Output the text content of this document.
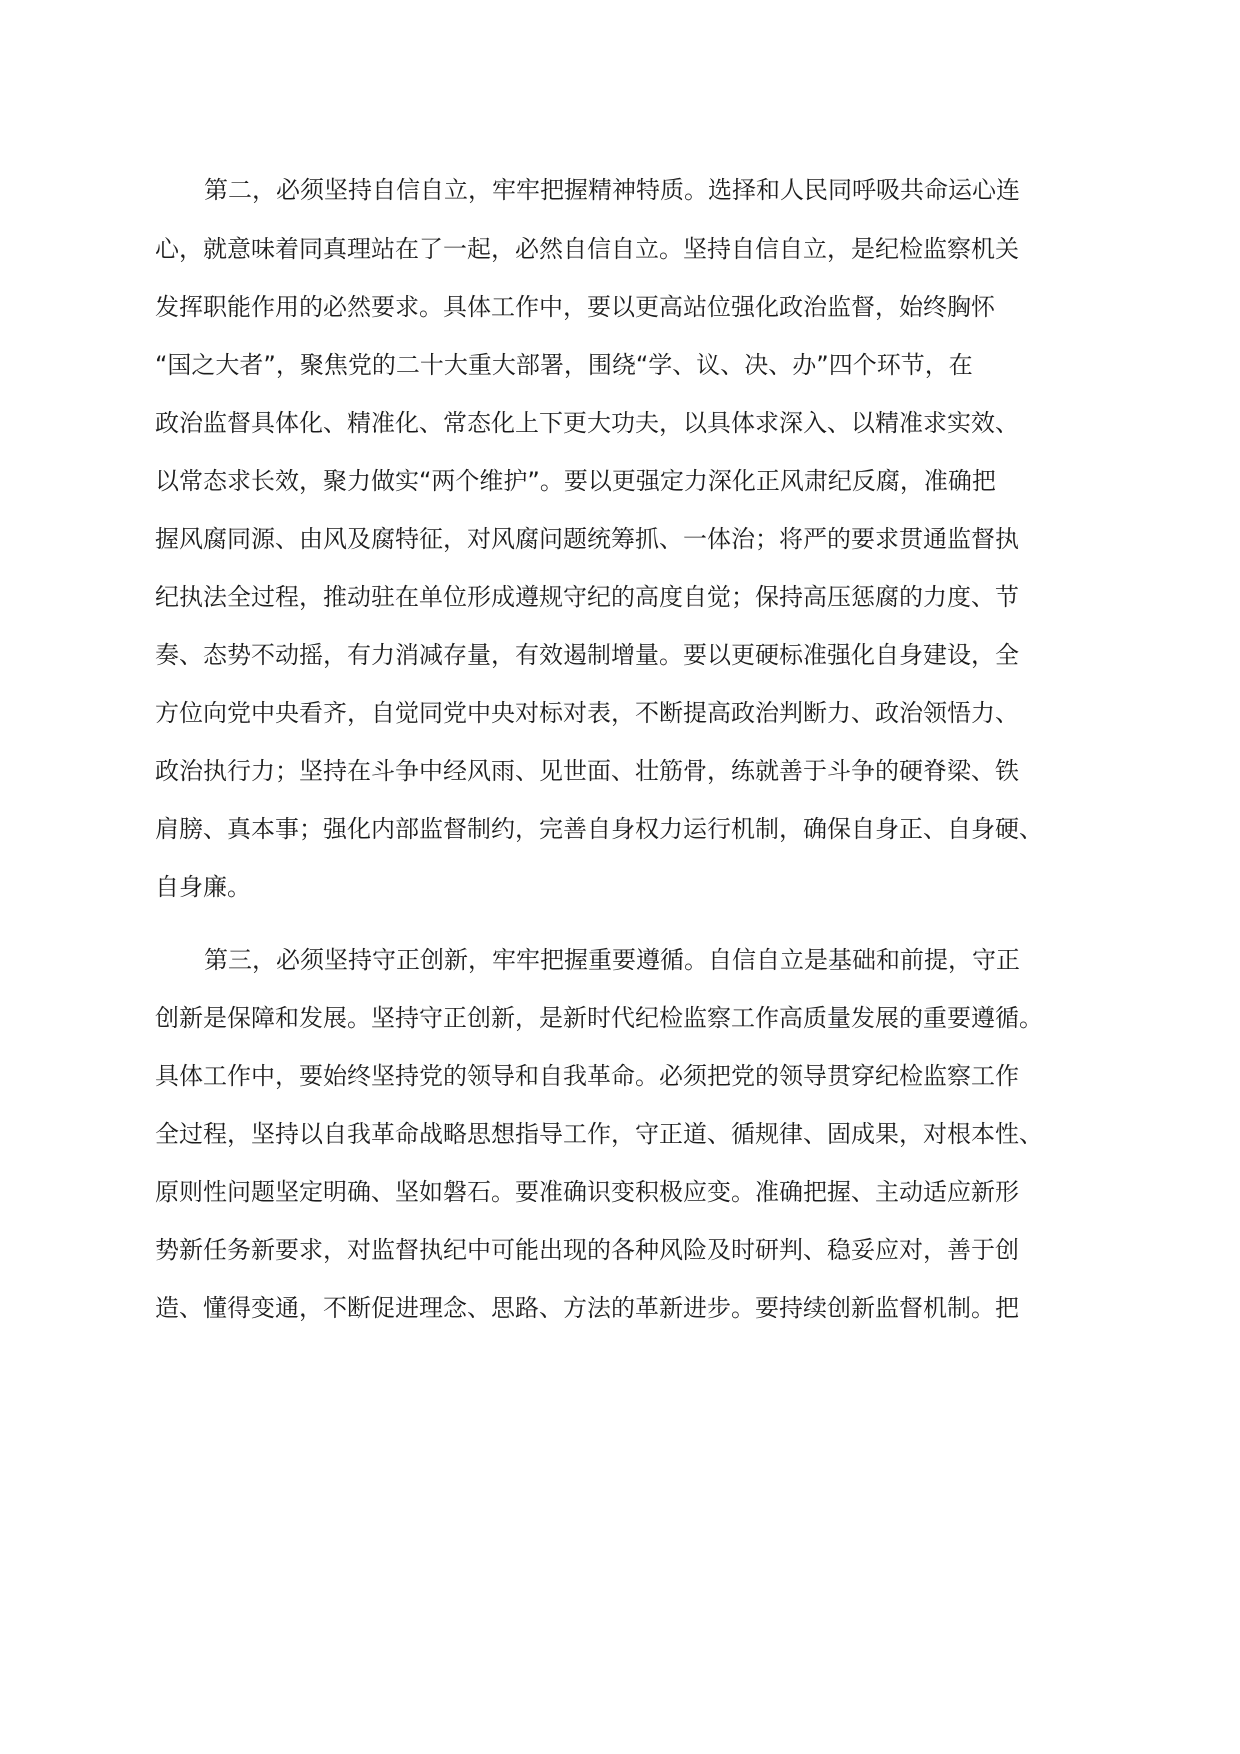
第二，必须坚持自信自立，牢牢把握精神特质。选择和人民同呼吸共命运心连

心，就意味着同真理站在了一起，必然自信自立。坚持自信自立，是纪检监察机关

发挥职能作用的必然要求。具体工作中，要以更高站位强化政治监督，始终胸怀

“国之大者”，聚焦党的二十大重大部署，围绕“学、议、决、办”四个环节，在

政治监督具体化、精准化、常态化上下更大功夫，以具体求深入、以精准求实效、

以常态求长效，聚力做实“两个维护”。要以更强定力深化正风肃纪反腐，准确把

握风腐同源、由风及腐特征，对风腐问题统筹抓、一体治；将严的要求贯通监督执

纪执法全过程，推动驻在单位形成遵规守纪的高度自觉；保持高压惩腐的力度、节

奏、态势不动摇，有力消减存量，有效遏制增量。要以更硬标准强化自身建设，全

方位向党中央看齐，自觉同党中央对标对表，不断提高政治判断力、政治领悟力、

政治执行力；坚持在斗争中经风雨、见世面、壮筋骨，练就善于斗争的硬脊梁、铁

肩膀、真本事；强化内部监督制约，完善自身权力运行机制，确保自身正、自身硬、

自身廉。

第三，必须坚持守正创新，牢牢把握重要遵循。自信自立是基础和前提，守正

创新是保障和发展。坚持守正创新，是新时代纪检监察工作高质量发展的重要遵循。

具体工作中，要始终坚持党的领导和自我革命。必须把党的领导贯穿纪检监察工作

全过程，坚持以自我革命战略思想指导工作，守正道、循规律、固成果，对根本性、

原则性问题坚定明确、坚如磐石。要准确识变积极应变。准确把握、主动适应新形

势新任务新要求，对监督执纪中可能出现的各种风险及时研判、稳妥应对，善于创

造、懂得变通，不断促进理念、思路、方法的革新进步。要持续创新监督机制。把
